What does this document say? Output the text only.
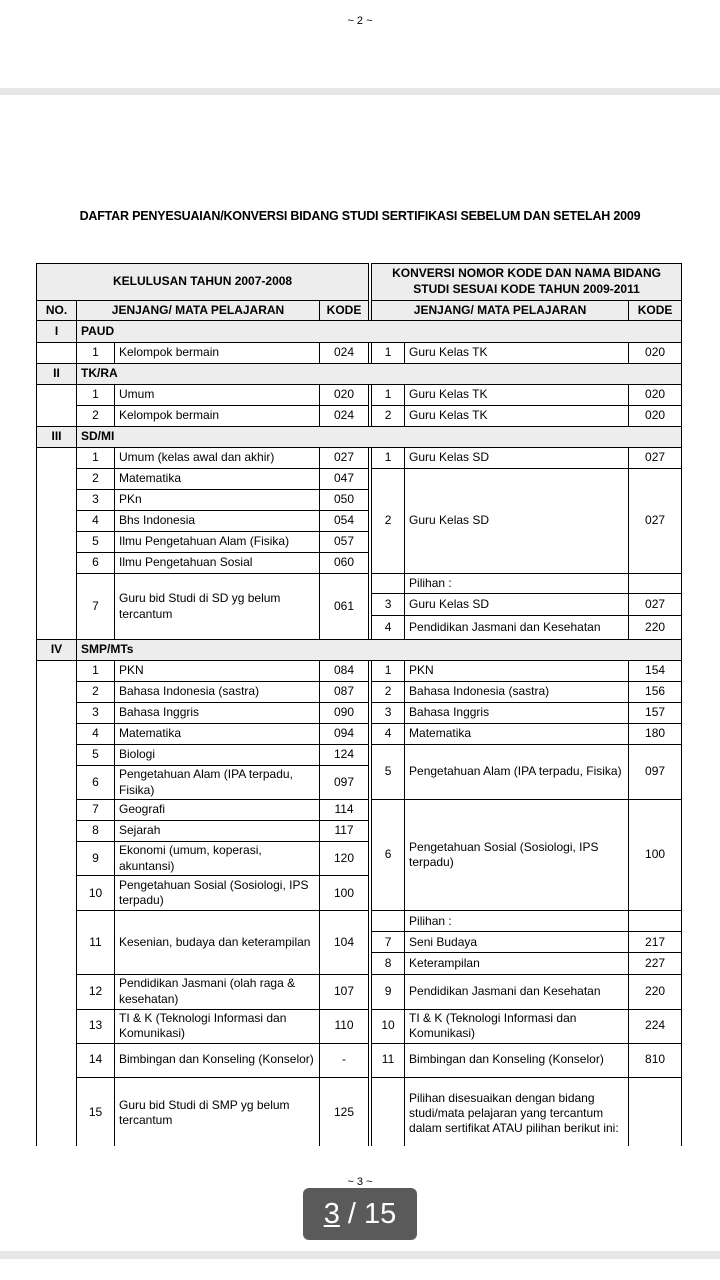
~ 2 ~
DAFTAR PENYESUAIAN/KONVERSI BIDANG STUDI SERTIFIKASI SEBELUM DAN SETELAH 2009
KELULUSAN TAHUN 2007-2008					KONVERSI NOMOR KODE DAN NAMA BIDANG STUDI SESUAI KODE TAHUN 2009-2011		
NO.	JENJANG/ MATA PELAJARAN		KODE		JENJANG/ MATA PELAJARAN		KODE
I	PAUD						
	1	Kelompok bermain	024		1	Guru Kelas TK	020
II	TK/RA						
	1	Umum	020		1	Guru Kelas TK	020
	2	Kelompok bermain	024		2	Guru Kelas TK	020
III	SD/MI						
	1	Umum (kelas awal dan akhir)	027		1	Guru Kelas SD	027
	2	Matematika	047		2	Guru Kelas SD	027
	3	PKn	050				
	4	Bhs Indonesia	054				
	5	Ilmu Pengetahuan Alam (Fisika)	057				
	6	Ilmu Pengetahuan Sosial	060				
	7	Guru bid Studi di SD yg belum tercantum	061			Pilihan :	

					3	Guru Kelas SD	027
					4	Pendidikan Jasmani dan Kesehatan	220
IV	SMP/MTs						
	1	PKN	084		1	PKN	154
	2	Bahasa Indonesia (sastra)	087		2	Bahasa Indonesia (sastra)	156
	3	Bahasa Inggris	090		3	Bahasa Inggris	157
	4	Matematika	094		4	Matematika	180
	5	Biologi	124		5	Pengetahuan Alam (IPA terpadu, Fisika)	097
	6	Pengetahuan Alam (IPA terpadu, Fisika)	097				
	7	Geografi	114		6	Pengetahuan Sosial (Sosiologi, IPS terpadu)	100
	8	Sejarah	117				
	9	Ekonomi (umum, koperasi, akuntansi)	120				
	10	Pengetahuan Sosial (Sosiologi, IPS terpadu)	100				
	11	Kesenian, budaya dan keterampilan	104			Pilihan :	
					7	Seni Budaya	217
					8	Keterampilan	227
	12	Pendidikan Jasmani (olah raga & kesehatan)	107		9	Pendidikan Jasmani dan Kesehatan	220
	13	TI & K (Teknologi Informasi dan Komunikasi)	110		10	TI & K (Teknologi Informasi dan Komunikasi)	224
	14	Bimbingan dan Konseling (Konselor)	-		11	Bimbingan dan Konseling (Konselor)	810
	15	Guru bid Studi di SMP yg belum tercantum	125			Pilihan disesuaikan dengan bidang studi/mata pelajaran yang tercantum dalam sertifikat ATAU pilihan berikut ini:	

~ 3 ~
3 / 15
